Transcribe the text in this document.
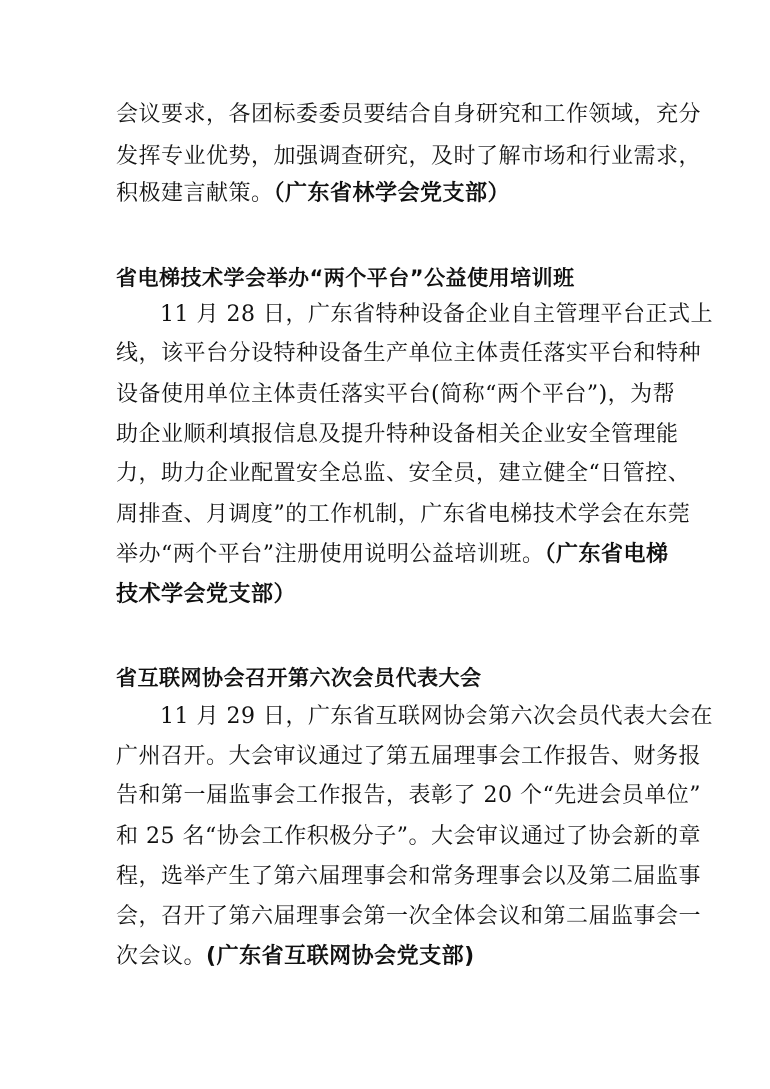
会议要求，各团标委委员要结合自身研究和工作领域，充分
发挥专业优势，加强调查研究，及时了解市场和行业需求，
积极建言献策。（广东省林学会党支部）
省电梯技术学会举办“两个平台”公益使用培训班
11 月 28 日，广东省特种设备企业自主管理平台正式上
线，该平台分设特种设备生产单位主体责任落实平台和特种
设备使用单位主体责任落实平台(简称“两个平台”)，为帮
助企业顺利填报信息及提升特种设备相关企业安全管理能
力，助力企业配置安全总监、安全员，建立健全“日管控、
周排查、月调度”的工作机制，广东省电梯技术学会在东莞
举办“两个平台”注册使用说明公益培训班。（广东省电梯
技术学会党支部）
省互联网协会召开第六次会员代表大会
11 月 29 日，广东省互联网协会第六次会员代表大会在
广州召开。大会审议通过了第五届理事会工作报告、财务报
告和第一届监事会工作报告，表彰了 20 个“先进会员单位”
和 25 名“协会工作积极分子”。大会审议通过了协会新的章
程，选举产生了第六届理事会和常务理事会以及第二届监事
会，召开了第六届理事会第一次全体会议和第二届监事会一
次会议。(广东省互联网协会党支部)
